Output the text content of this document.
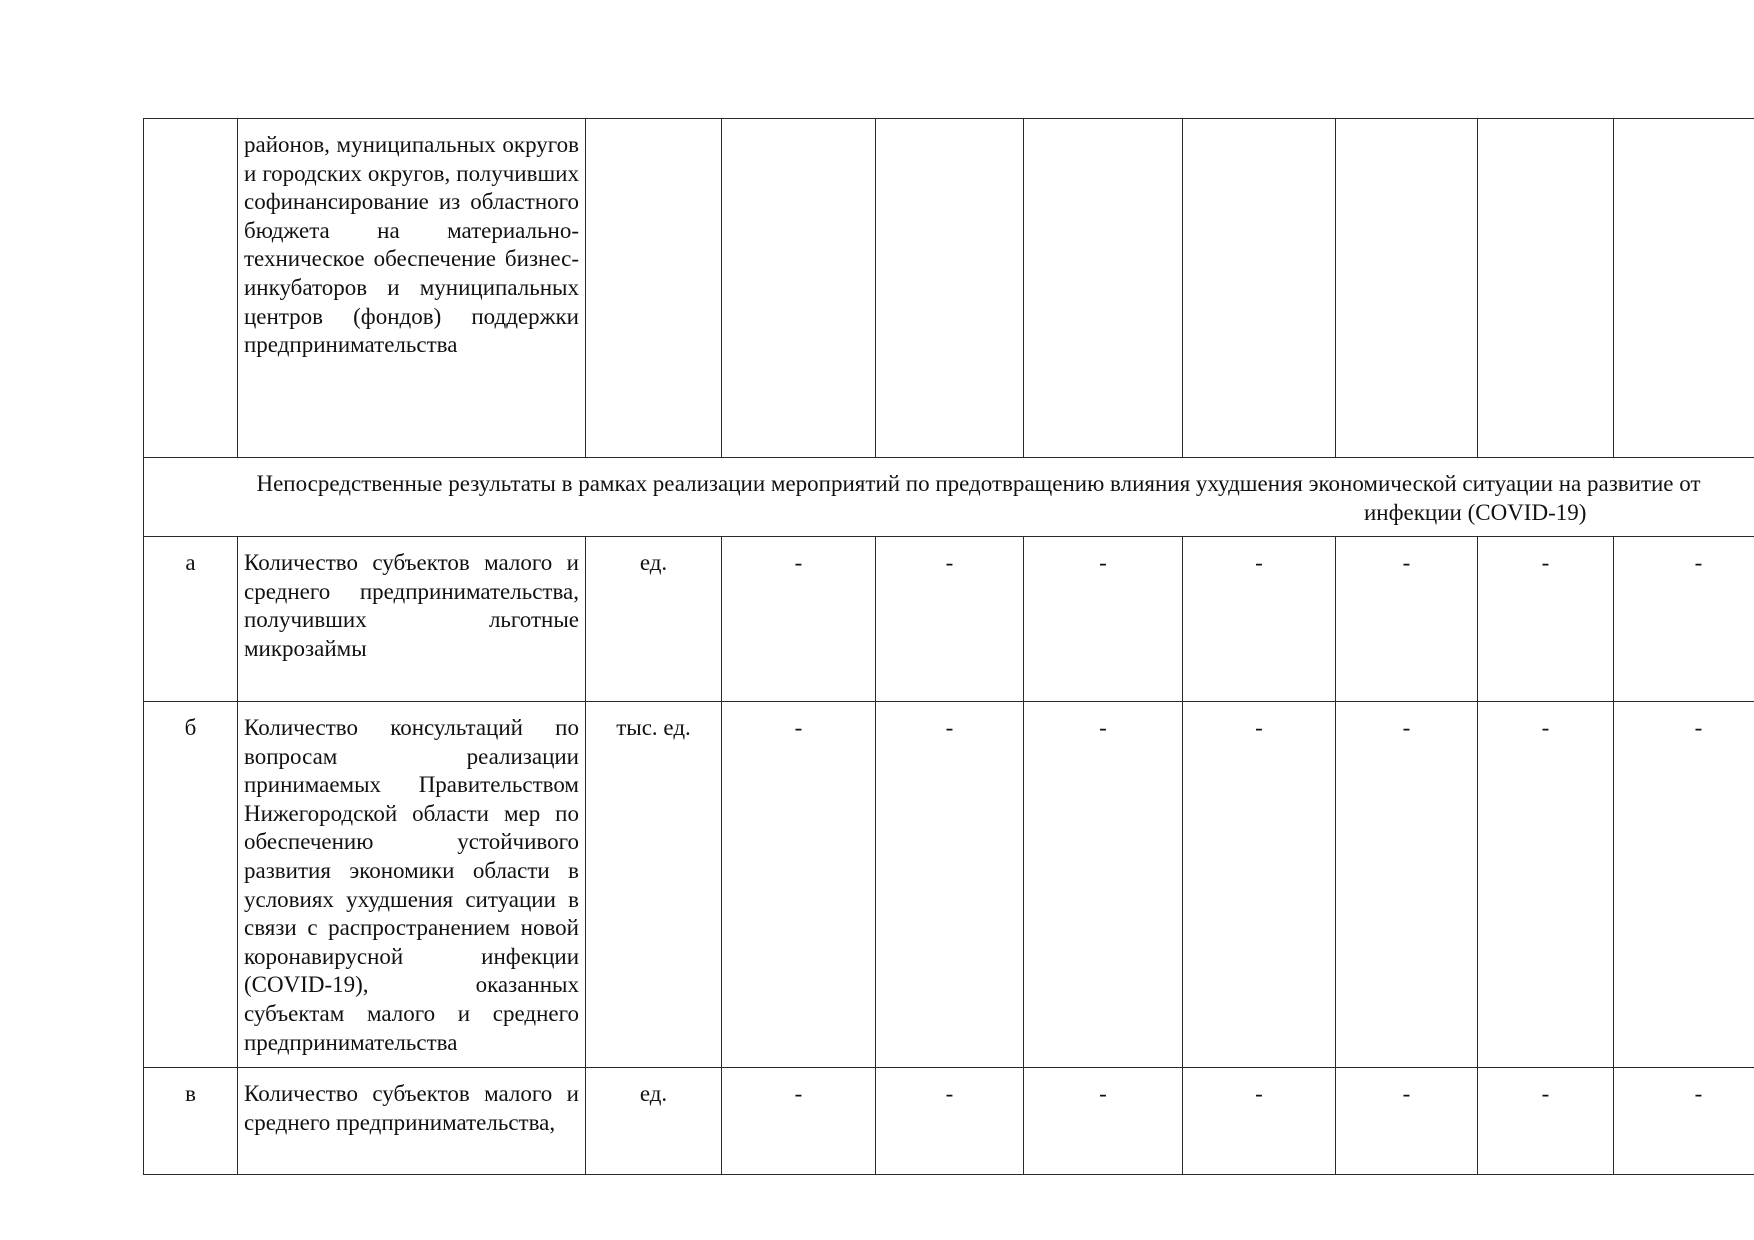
	районов, муниципальных округов и городских округов, получивших софинансирование из областного бюджета на материально-техническое обеспечение бизнес-инкубаторов и муниципальных центров (фондов) поддержки предпринимательства								

Непосредственные результаты в рамках реализации мероприятий по предотвращению влияния ухудшения экономической ситуации на развитие от
инфекции (COVID-19)									

а	Количество субъектов малого и среднего предпринимательства, получивших льготные микрозаймы	ед.	-	-	-	-	-	-	-

б	Количество консультаций по вопросам реализации принимаемых Правительством Нижегородской области мер по обеспечению устойчивого развития экономики области в условиях ухудшения ситуации в связи с распространением новой коронавирусной инфекции (COVID-19), оказанных субъектам малого и среднего предпринимательства	тыс. ед.	-	-	-	-	-	-	-

в	Количество субъектов малого и среднего предпринимательства,	ед.	-	-	-	-	-	-	-
